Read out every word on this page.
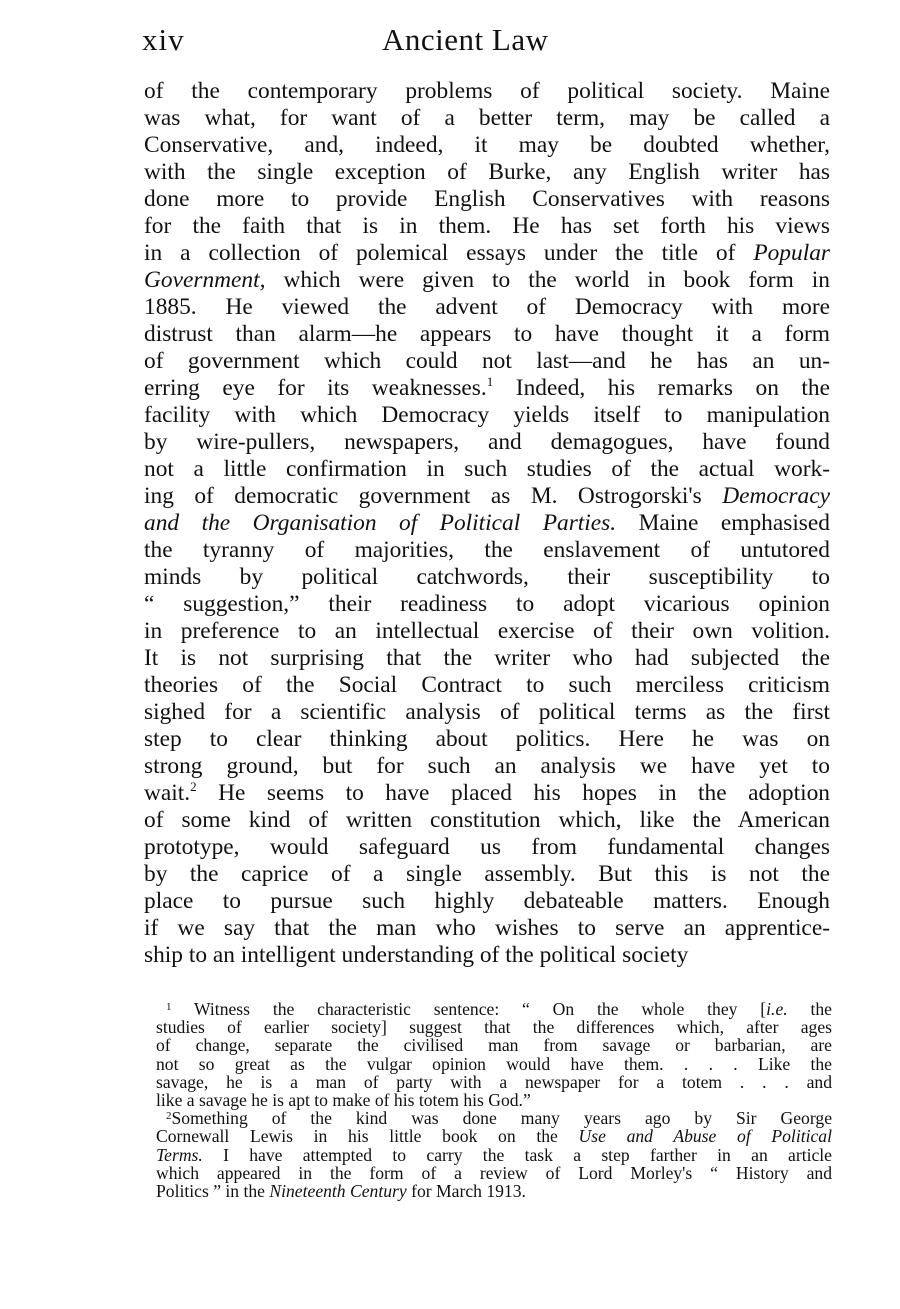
xiv	Ancient Law
of the contemporary problems of political society. Maine
was what, for want of a better term, may be called a
Conservative, and, indeed, it may be doubted whether,
with the single exception of Burke, any English writer has
done more to provide English Conservatives with reasons
for the faith that is in them. He has set forth his views
in a collection of polemical essays under the title of Popular
Government, which were given to the world in book form in
1885. He viewed the advent of Democracy with more
distrust than alarm—he appears to have thought it a form
of government which could not last—and he has an un-
erring eye for its weaknesses.$^1$ Indeed, his remarks on the
facility with which Democracy yields itself to manipulation
by wire-pullers, newspapers, and demagogues, have found
not a little confirmation in such studies of the actual work-
ing of democratic government as M. Ostrogorski's Democracy
and the Organisation of Political Parties. Maine emphasised
the tyranny of majorities, the enslavement of untutored
minds by political catchwords, their susceptibility to
“ suggestion,” their readiness to adopt vicarious opinion
in preference to an intellectual exercise of their own volition.
It is not surprising that the writer who had subjected the
theories of the Social Contract to such merciless criticism
sighed for a scientific analysis of political terms as the first
step to clear thinking about politics. Here he was on
strong ground, but for such an analysis we have yet to
wait.$^2$ He seems to have placed his hopes in the adoption
of some kind of written constitution which, like the American
prototype, would safeguard us from fundamental changes
by the caprice of a single assembly. But this is not the
place to pursue such highly debateable matters. Enough
if we say that the man who wishes to serve an apprentice-
ship to an intelligent understanding of the political society
$^1$ Witness the characteristic sentence: “ On the whole they [i.e. the
studies of earlier society] suggest that the differences which, after ages
of change, separate the civilised man from savage or barbarian, are
not so great as the vulgar opinion would have them. . . . Like the
savage, he is a man of party with a newspaper for a totem . . . and
like a savage he is apt to make of his totem his God.”
$^2$Something of the kind was done many years ago by Sir George
Cornewall Lewis in his little book on the Use and Abuse of Political
Terms. I have attempted to carry the task a step farther in an article
which appeared in the form of a review of Lord Morley's “ History and
Politics ” in the Nineteenth Century for March 1913.
